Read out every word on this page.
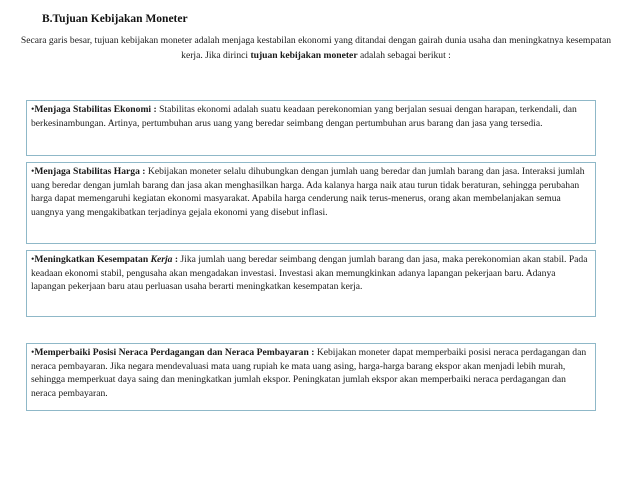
B.Tujuan Kebijakan Moneter
Secara garis besar, tujuan kebijakan moneter adalah menjaga kestabilan ekonomi yang ditandai dengan gairah dunia usaha dan meningkatnya kesempatan kerja. Jika dirinci tujuan kebijakan moneter adalah sebagai berikut :
•Menjaga Stabilitas Ekonomi : Stabilitas ekonomi adalah suatu keadaan perekonomian yang berjalan sesuai dengan harapan, terkendali, dan berkesinambungan. Artinya, pertumbuhan arus uang yang beredar seimbang dengan pertumbuhan arus barang dan jasa yang tersedia.
•Menjaga Stabilitas Harga : Kebijakan moneter selalu dihubungkan dengan jumlah uang beredar dan jumlah barang dan jasa. Interaksi jumlah uang beredar dengan jumlah barang dan jasa akan menghasilkan harga. Ada kalanya harga naik atau turun tidak beraturan, sehingga perubahan harga dapat memengaruhi kegiatan ekonomi masyarakat. Apabila harga cenderung naik terus-menerus, orang akan membelanjakan semua uangnya yang mengakibatkan terjadinya gejala ekonomi yang disebut inflasi.
•Meningkatkan Kesempatan Kerja : Jika jumlah uang beredar seimbang dengan jumlah barang dan jasa, maka perekonomian akan stabil. Pada keadaan ekonomi stabil, pengusaha akan mengadakan investasi. Investasi akan memungkinkan adanya lapangan pekerjaan baru. Adanya lapangan pekerjaan baru atau perluasan usaha berarti meningkatkan kesempatan kerja.
•Memperbaiki Posisi Neraca Perdagangan dan Neraca Pembayaran : Kebijakan moneter dapat memperbaiki posisi neraca perdagangan dan neraca pembayaran. Jika negara mendevaluasi mata uang rupiah ke mata uang asing, harga-harga barang ekspor akan menjadi lebih murah, sehingga memperkuat daya saing dan meningkatkan jumlah ekspor. Peningkatan jumlah ekspor akan memperbaiki neraca perdagangan dan neraca pembayaran.
